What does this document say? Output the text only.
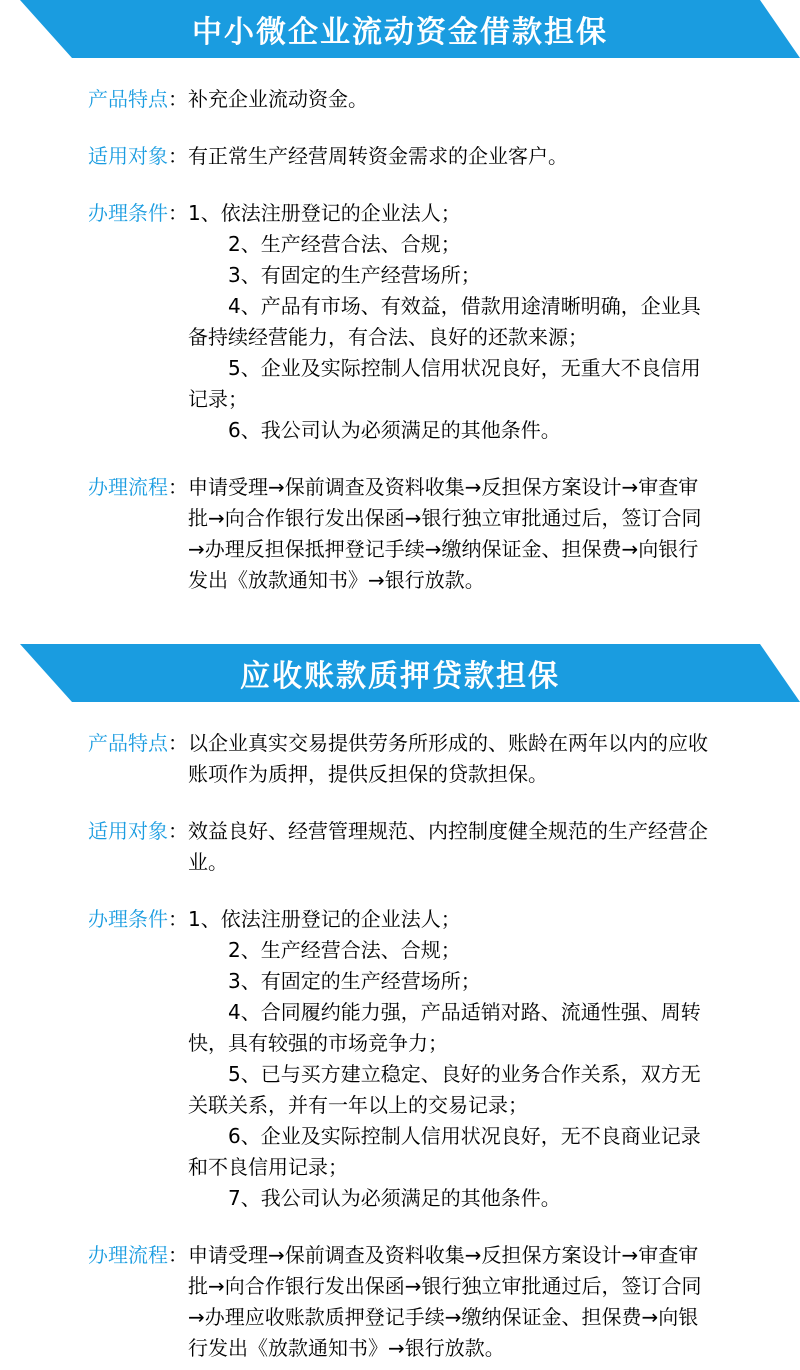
中小微企业流动资金借款担保
产品特点 ： 补充企业流动资金。
适用对象 ： 有正常生产经营周转资金需求的企业客户。
办理条件 ： 1、依法注册登记的企业法人；

2、生产经营合法、合规；

3、有固定的生产经营场所；

4、产品有市场、有效益，借款用途清晰明确，企业具备持续经营能力，有合法、良好的还款来源；

5、企业及实际控制人信用状况良好，无重大不良信用记录；

6、我公司认为必须满足的其他条件。

办理流程 ： 申请受理→保前调查及资料收集→反担保方案设计→审查审批→向合作银行发出保函→银行独立审批通过后，签订合同→办理反担保抵押登记手续→缴纳保证金、担保费→向银行发出《放款通知书》→银行放款。
应收账款质押贷款担保
产品特点 ： 以企业真实交易提供劳务所形成的、账龄在两年以内的应收账项作为质押，提供反担保的贷款担保。
适用对象 ： 效益良好、经营管理规范、内控制度健全规范的生产经营企业。
办理条件 ： 1、依法注册登记的企业法人；

2、生产经营合法、合规；

3、有固定的生产经营场所；

4、合同履约能力强，产品适销对路、流通性强、周转快，具有较强的市场竞争力；

5、已与买方建立稳定、良好的业务合作关系，双方无关联关系，并有一年以上的交易记录；

6、企业及实际控制人信用状况良好，无不良商业记录和不良信用记录；

7、我公司认为必须满足的其他条件。

办理流程 ： 申请受理→保前调查及资料收集→反担保方案设计→审查审批→向合作银行发出保函→银行独立审批通过后，签订合同→办理应收账款质押登记手续→缴纳保证金、担保费→向银行发出《放款通知书》→银行放款。
